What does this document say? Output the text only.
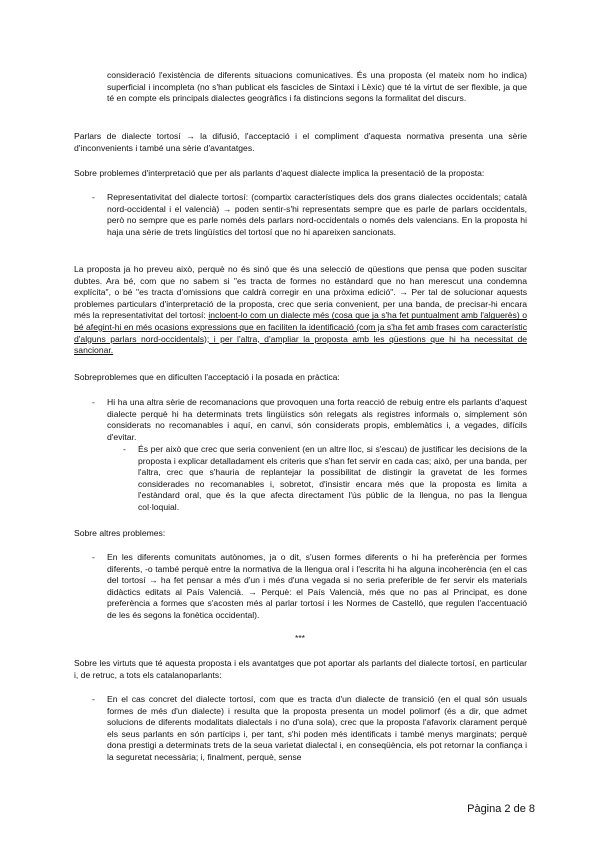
consideració l'existència de diferents situacions comunicatives. És una proposta (el mateix nom ho indica) superficial i incompleta (no s'han publicat els fascicles de Sintaxi i Lèxic) que té la virtut de ser flexible, ja que té en compte els principals dialectes geogràfics i fa distincions segons la formalitat del discurs.

Parlars de dialecte tortosí → la difusió, l'acceptació i el compliment d'aquesta normativa presenta una sèrie d'inconvenients i també una sèrie d'avantatges.

Sobre problemes d'interpretació que per als parlants d'aquest dialecte implica la presentació de la proposta:

- Representativitat del dialecte tortosí: (compartix característiques dels dos grans dialectes occidentals; català nord-occidental i el valencià) → poden sentir-s'hi representats sempre que es parle de parlars occidentals, però no sempre que es parle només dels parlars nord-occidentals o només dels valencians. En la proposta hi haja una sèrie de trets lingüístics del tortosí que no hi apareixen sancionats.

La proposta ja ho preveu això, perquè no és sinó que és una selecció de qüestions que pensa que poden suscitar dubtes. Ara bé, com que no sabem si "es tracta de formes no estàndard que no han merescut una condemna explícita", o bé "es tracta d'omissions que caldrà corregir en una pròxima edició". → Per tal de solucionar aquests problemes particulars d'interpretació de la proposta, crec que seria convenient, per una banda, de precisar-hi encara més la representativitat del tortosí: incloent-lo com un dialecte més (cosa que ja s'ha fet puntualment amb l'alguerès) o bé afegint-hi en més ocasions expressions que en faciliten la identificació (com ja s'ha fet amb frases com característic d'alguns parlars nord-occidentals); i per l'altra, d'ampliar la proposta amb les qüestions que hi ha necessitat de sancionar.

Sobreproblemes que en dificulten l'acceptació i la posada en pràctica:

- Hi ha una altra sèrie de recomanacions que provoquen una forta reacció de rebuig entre els parlants d'aquest dialecte perquè hi ha determinats trets lingüístics són relegats als registres informals o, simplement són considerats no recomanables i aquí, en canvi, són considerats propis, emblemàtics i, a vegades, difícils d'evitar.

- És per això que crec que seria convenient (en un altre lloc, si s'escau) de justificar les decisions de la proposta i explicar detalladament els criteris que s'han fet servir en cada cas; això, per una banda, per l'altra, crec que s'hauria de replantejar la possibilitat de distingir la gravetat de les formes considerades no recomanables i, sobretot, d'insistir encara més que la proposta es limita a l'estàndard oral, que és la que afecta directament l'ús públic de la llengua, no pas la llengua col·loquial.

Sobre altres problemes:

- En les diferents comunitats autònomes, ja o dit, s'usen formes diferents o hi ha preferència per formes diferents, -o també perquè entre la normativa de la llengua oral i l'escrita hi ha alguna incoherència (en el cas del tortosí → ha fet pensar a més d'un i més d'una vegada si no seria preferible de fer servir els materials didàctics editats al País Valencià. → Perquè: el País Valencià, més que no pas al Principat, es done preferència a formes que s'acosten més al parlar tortosí i les Normes de Castelló, que regulen l'accentuació de les és segons la fonètica occidental).

***

Sobre les virtuts que té aquesta proposta i els avantatges que pot aportar als parlants del dialecte tortosí, en particular i, de retruc, a tots els catalanoparlants:

- En el cas concret del dialecte tortosí, com que es tracta d'un dialecte de transició (en el qual són usuals formes de més d'un dialecte) i resulta que la proposta presenta un model polimorf (és a dir, que admet solucions de diferents modalitats dialectals i no d'una sola), crec que la proposta l'afavorix clarament perquè els seus parlants en són partícips i, per tant, s'hi poden més identificats i també menys marginats; perquè dona prestigi a determinats trets de la seua varietat dialectal i, en conseqüència, els pot retornar la confiança i la seguretat necessària; i, finalment, perquè, sense

Pàgina 2 de 8
